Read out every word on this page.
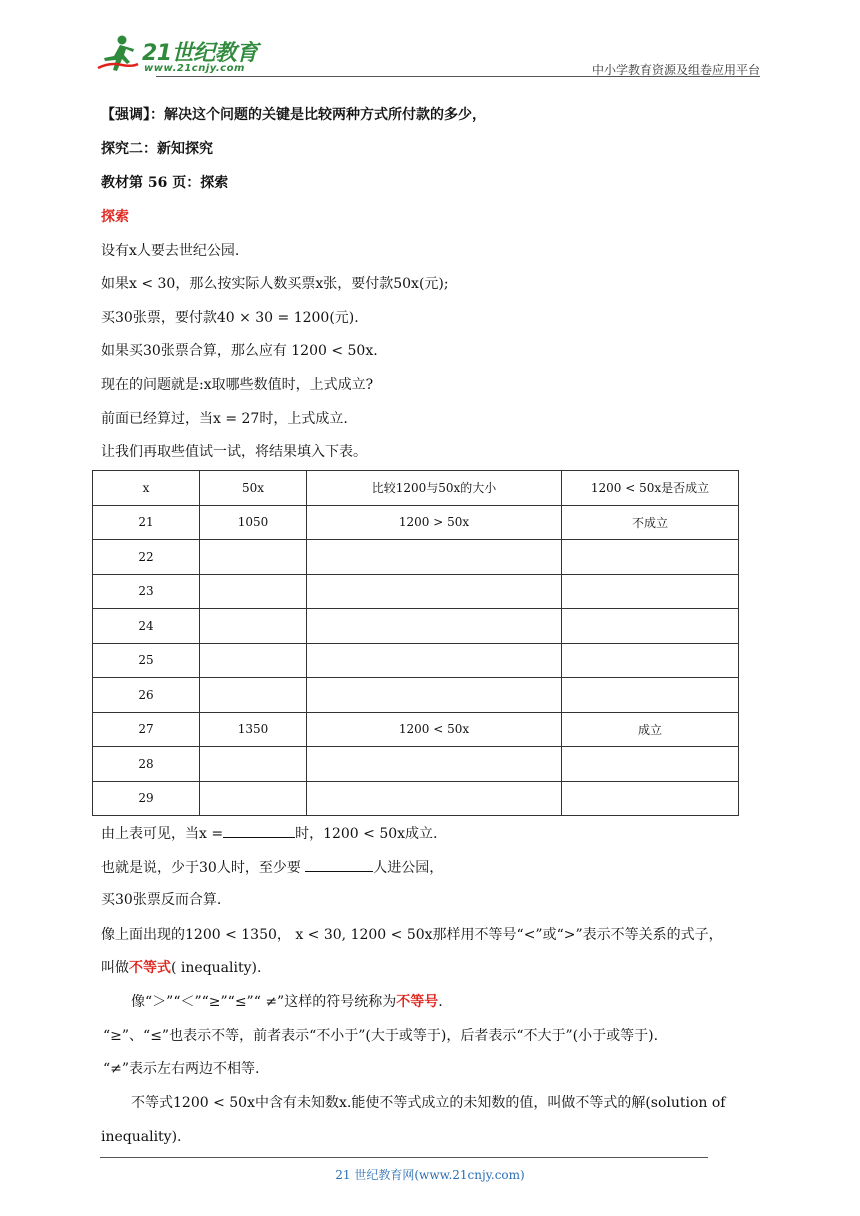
21世纪教育
www.21cnjy.com	中小学教育资源及组卷应用平台
【强调】：解决这个问题的关键是比较两种方式所付款的多少，
探究二：新知探究
教材第 56 页：探索
探索
设有x人要去世纪公园.
如果x < 30，那么按实际人数买票x张，要付款50x(元);
买30张票，要付款40 × 30 = 1200(元).
如果买30张票合算，那么应有 1200 < 50x.
现在的问题就是:x取哪些数值时，上式成立?
前面已经算过，当x = 27时，上式成立.
让我们再取些值试一试，将结果填入下表。
x	50x	比较1200与50x的大小	1200 < 50x是否成立
21	1050	1200 > 50x	不成立
22			
23			
24			
25			
26			
27	1350	1200 < 50x	成立
28			
29			
由上表可见，当x =	时，1200 < 50x成立.
也就是说，少于30人时，至少要	人进公园，
买30张票反而合算.
像上面出现的1200 < 1350， x < 30, 1200 < 50x那样用不等号“<”或“>”表示不等关系的式子，
叫做不等式( inequality).
像“＞”“＜”“≥”“≤”“ ≠”这样的符号统称为不等号.
“≥”、“≤”也表示不等，前者表示“不小于”(大于或等于)，后者表示“不大于”(小于或等于).
“≠”表示左右两边不相等.
不等式1200 < 50x中含有未知数x.能使不等式成立的未知数的值，叫做不等式的解(solution of
inequality).
21 世纪教育网(www.21cnjy.com)
